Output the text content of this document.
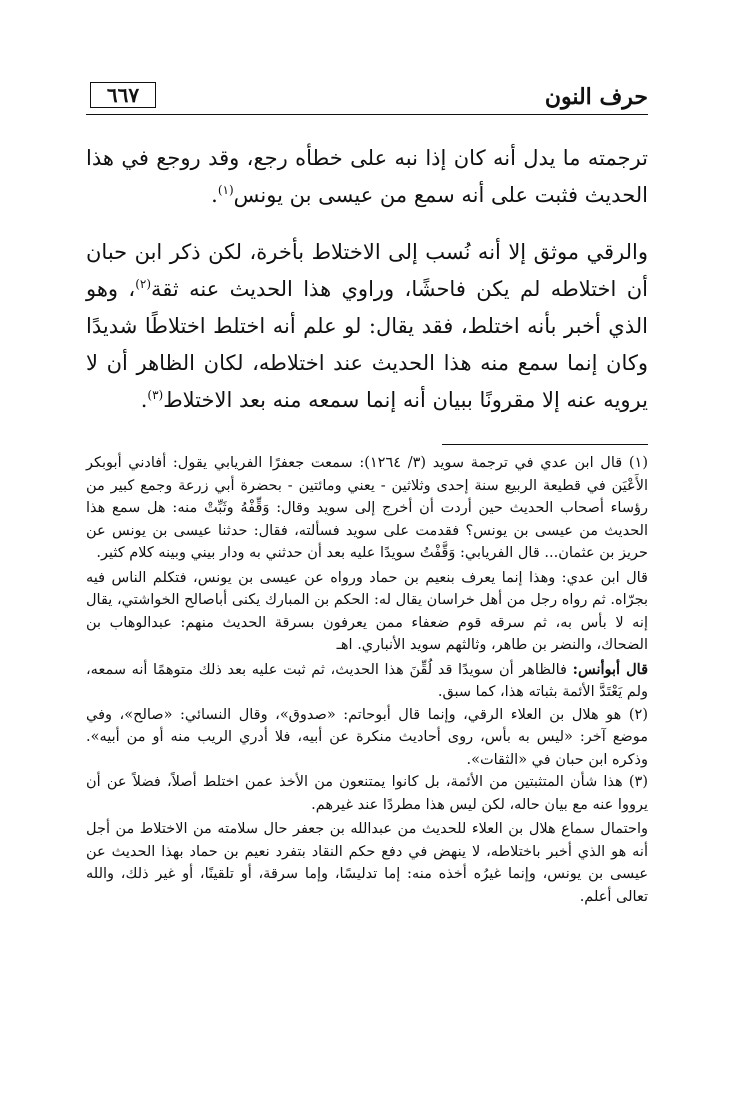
٦٦٧	حرف النون

ترجمته ما يدل أنه كان إذا نبه على خطأه رجع، وقد روجع في هذا الحديث فثبت على أنه سمع من عيسى بن يونس$^{(١)}$.

والرقي موثق إلا أنه نُسب إلى الاختلاط بأخرة، لكن ذكر ابن حبان أن اختلاطه لم يكن فاحشًا، وراوي هذا الحديث عنه ثقة$^{(٢)}$، وهو الذي أخبر بأنه اختلط، فقد يقال: لو علم أنه اختلط اختلاطًا شديدًا وكان إنما سمع منه هذا الحديث عند اختلاطه، لكان الظاهر أن لا يرويه عنه إلا مقرونًا ببيان أنه إنما سمعه منه بعد الاختلاط$^{(٣)}$.

(١) قال ابن عدي في ترجمة سويد (٣/ ١٢٦٤): سمعت جعفرًا الفريابي يقول: أفادني أبوبكر الأَعْيَن في قطيعة الربيع سنة إحدى وثلاثين - يعني ومائتين - بحضرة أبي زرعة وجمع كبير من رؤساء أصحاب الحديث حين أردت أن أخرج إلى سويد وقال: وَقِّفْهُ وثَبِّتْ منه: هل سمع هذا الحديث من عيسى بن يونس؟ فقدمت على سويد فسألته، فقال: حدثنا عيسى بن يونس عن حريز بن عثمان... قال الفريابي: وَقَّفْتُ سويدًا عليه بعد أن حدثني به ودار بيني وبينه كلام كثير.

قال ابن عدي: وهذا إنما يعرف بنعيم بن حماد ورواه عن عيسى بن يونس، فتكلم الناس فيه بجرّاه. ثم رواه رجل من أهل خراسان يقال له: الحكم بن المبارك يكنى أباصالح الخواشتي، يقال إنه لا بأس به، ثم سرقه قوم ضعفاء ممن يعرفون بسرقة الحديث منهم: عبدالوهاب بن الضحاك، والنضر بن طاهر، وثالثهم سويد الأنباري. اهـ

قال أبوأنس: فالظاهر أن سويدًا قد لُقِّنَ هذا الحديث، ثم ثبت عليه بعد ذلك متوهمًا أنه سمعه، ولم يَعْتَدَّ الأئمة بثباته هذا، كما سبق.

(٢) هو هلال بن العلاء الرقي، وإنما قال أبوحاتم: «صدوق»، وقال النسائي: «صالح»، وفي موضع آخر: «ليس به بأس، روى أحاديث منكرة عن أبيه، فلا أدري الريب منه أو من أبيه». وذكره ابن حبان في «الثقات».

(٣) هذا شأن المتثبتين من الأئمة، بل كانوا يمتنعون من الأخذ عمن اختلط أصلاً، فضلاً عن أن يرووا عنه مع بيان حاله، لكن ليس هذا مطردًا عند غيرهم.

واحتمال سماع هلال بن العلاء للحديث من عبدالله بن جعفر حال سلامته من الاختلاط من أجل أنه هو الذي أخبر باختلاطه، لا ينهض في دفع حكم النقاد بتفرد نعيم بن حماد بهذا الحديث عن عيسى بن يونس، وإنما غيرُه أخذه منه: إما تدليسًا، وإما سرقة، أو تلقينًا، أو غير ذلك، والله تعالى أعلم.
